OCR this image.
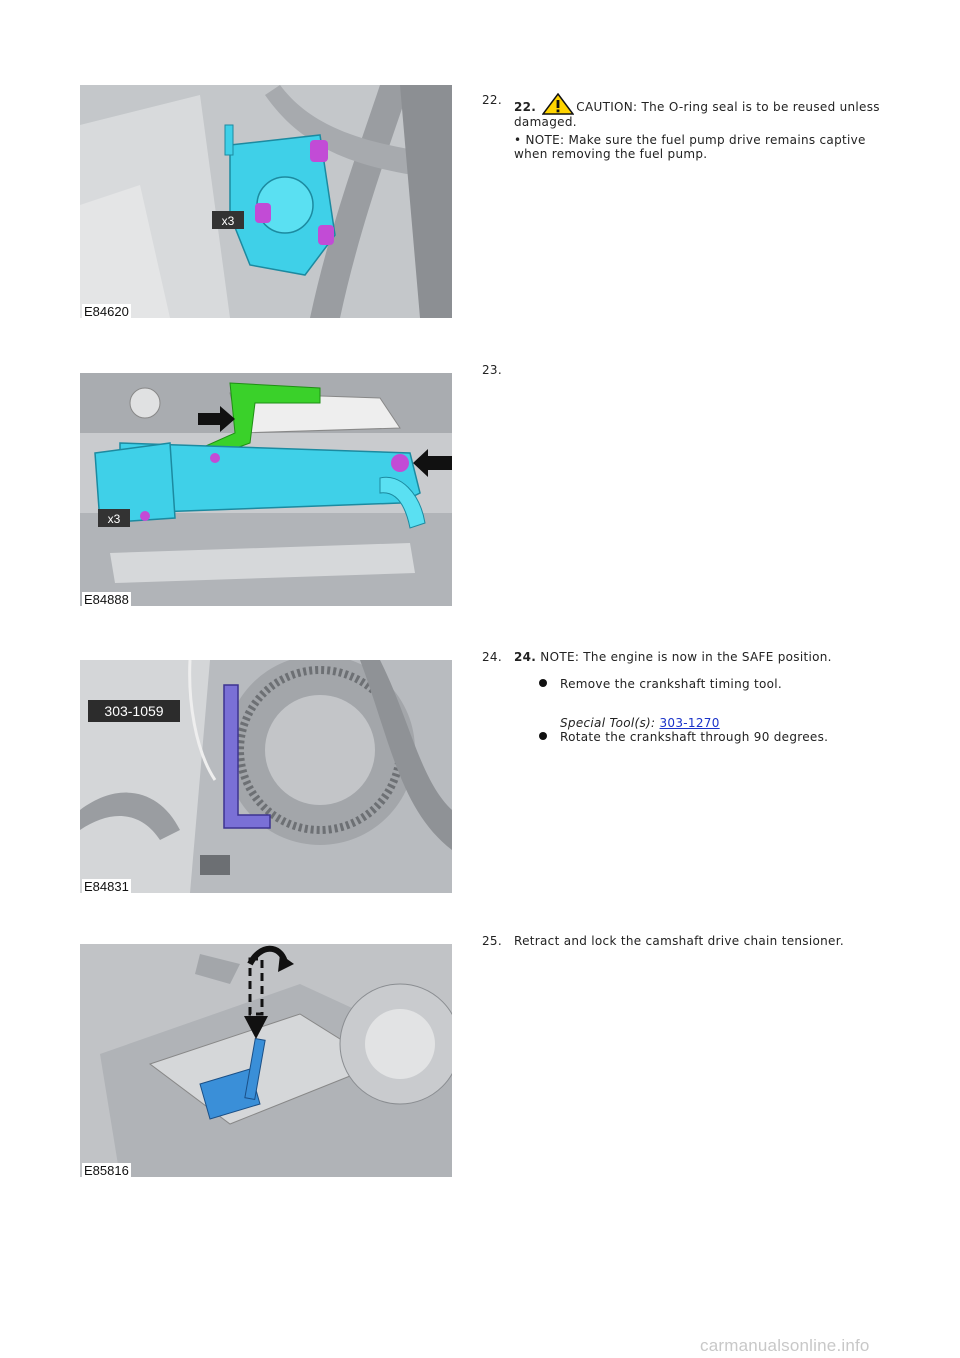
x3
E84620
22. 22.	CAUTION: The O-ring seal is to be reused unless damaged.
• NOTE: Make sure the fuel pump drive remains captive when removing the fuel pump.
x3
E84888
23.
303-1059
E84831
24. 24. NOTE: The engine is now in the SAFE position.
Remove the crankshaft timing tool.
Special Tool(s): 303-1270
Rotate the crankshaft through 90 degrees.
E85816
25. Retract and lock the camshaft drive chain tensioner.
carmanualsonline.info
